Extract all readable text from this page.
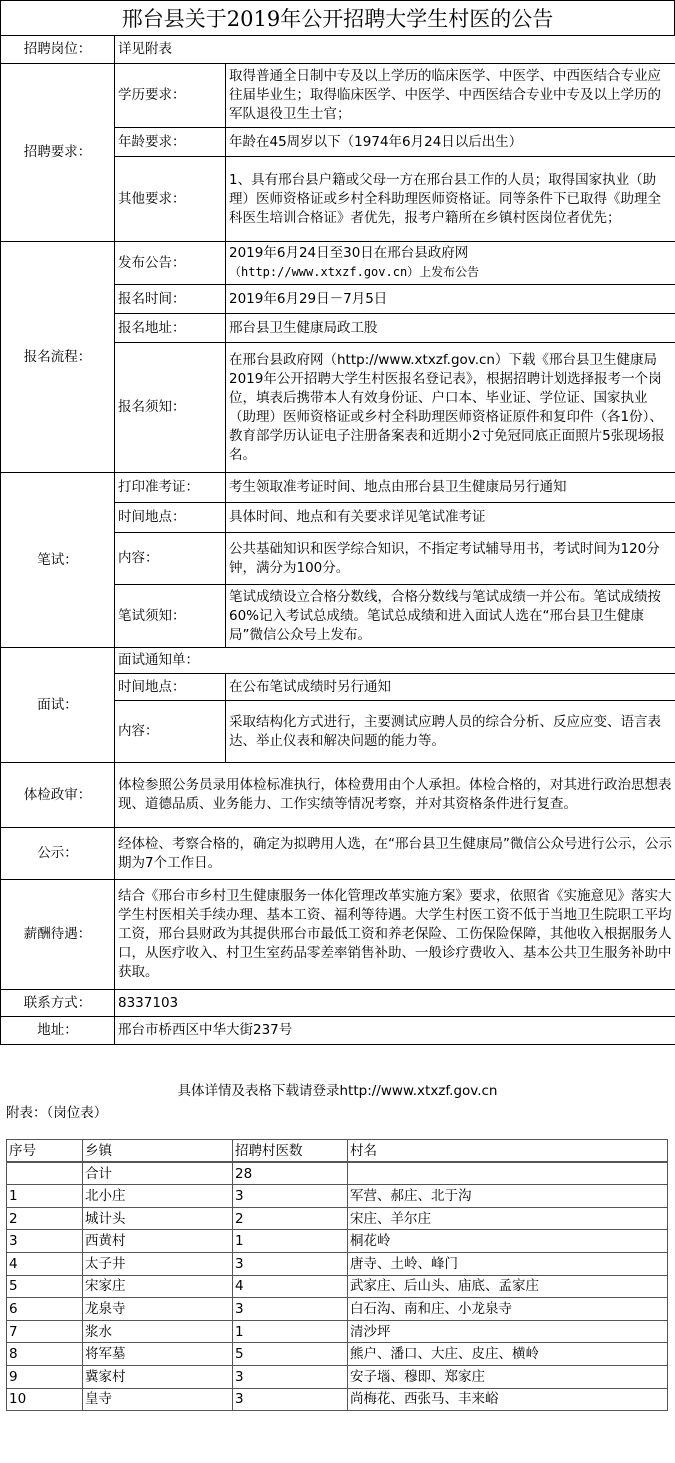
邢台县关于2019年公开招聘大学生村医的公告
招聘岗位：	详见附表	
招聘要求：	学历要求：	取得普通全日制中专及以上学历的临床医学、中医学、中西医结合专业应往届毕业生；取得临床医学、中医学、中西医结合专业中专及以上学历的军队退役卫生士官；
	年龄要求：	年龄在45周岁以下（1974年6月24日以后出生）
	其他要求：	1、具有邢台县户籍或父母一方在邢台县工作的人员；取得国家执业（助理）医师资格证或乡村全科助理医师资格证。同等条件下已取得《助理全科医生培训合格证》者优先，报考户籍所在乡镇村医岗位者优先；
报名流程：	发布公告：	2019年6月24日至30日在邢台县政府网
（http://www.xtxzf.gov.cn）上发布公告

	报名时间：	2019年6月29日－7月5日
	报名地址：	邢台县卫生健康局政工股
	报名须知：	在邢台县政府网（http://www.xtxzf.gov.cn）下载《邢台县卫生健康局2019年公开招聘大学生村医报名登记表》，根据招聘计划选择报考一个岗位，填表后携带本人有效身份证、户口本、毕业证、学位证、国家执业（助理）医师资格证或乡村全科助理医师资格证原件和复印件（各1份）、教育部学历认证电子注册备案表和近期小2寸免冠同底正面照片5张现场报名。
笔试：	打印准考证：	考生领取准考证时间、地点由邢台县卫生健康局另行通知
	时间地点：	具体时间、地点和有关要求详见笔试准考证
	内容：	公共基础知识和医学综合知识，不指定考试辅导用书，考试时间为120分钟，满分为100分。
	笔试须知：	笔试成绩设立合格分数线，合格分数线与笔试成绩一并公布。笔试成绩按60%记入考试总成绩。笔试总成绩和进入面试人选在“邢台县卫生健康局”微信公众号上发布。
面试：	面试通知单：	
	时间地点：	在公布笔试成绩时另行通知
	内容：	采取结构化方式进行，主要测试应聘人员的综合分析、反应应变、语言表达、举止仪表和解决问题的能力等。
体检政审：	体检参照公务员录用体检标准执行，体检费用由个人承担。体检合格的，对其进行政治思想表现、道德品质、业务能力、工作实绩等情况考察，并对其资格条件进行复查。	
公示：	经体检、考察合格的，确定为拟聘用人选，在“邢台县卫生健康局”微信公众号进行公示，公示期为7个工作日。	
薪酬待遇：	结合《邢台市乡村卫生健康服务一体化管理改革实施方案》要求，依照省《实施意见》落实大学生村医相关手续办理、基本工资、福利等待遇。大学生村医工资不低于当地卫生院职工平均工资，邢台县财政为其提供邢台市最低工资和养老保险、工伤保险保障，其他收入根据服务人口，从医疗收入、村卫生室药品零差率销售补助、一般诊疗费收入、基本公共卫生服务补助中获取。	
联系方式：	8337103	
地址：	邢台市桥西区中华大街237号	
具体详情及表格下载请登录http://www.xtxzf.gov.cn
附表：（岗位表）
序号	乡镇	招聘村医数	村名
	合计	28	
1	北小庄	3	军营、郝庄、北于沟
2	城计头	2	宋庄、羊尔庄
3	西黄村	1	桐花岭
4	太子井	3	唐寺、土岭、峰门
5	宋家庄	4	武家庄、后山头、庙底、孟家庄
6	龙泉寺	3	白石沟、南和庄、小龙泉寺
7	浆水	1	清沙坪
8	将军墓	5	熊户、潘口、大庄、皮庄、横岭
9	冀家村	3	安子堖、穆即、郑家庄
10	皇寺	3	尚梅花、西张马、丰来峪
